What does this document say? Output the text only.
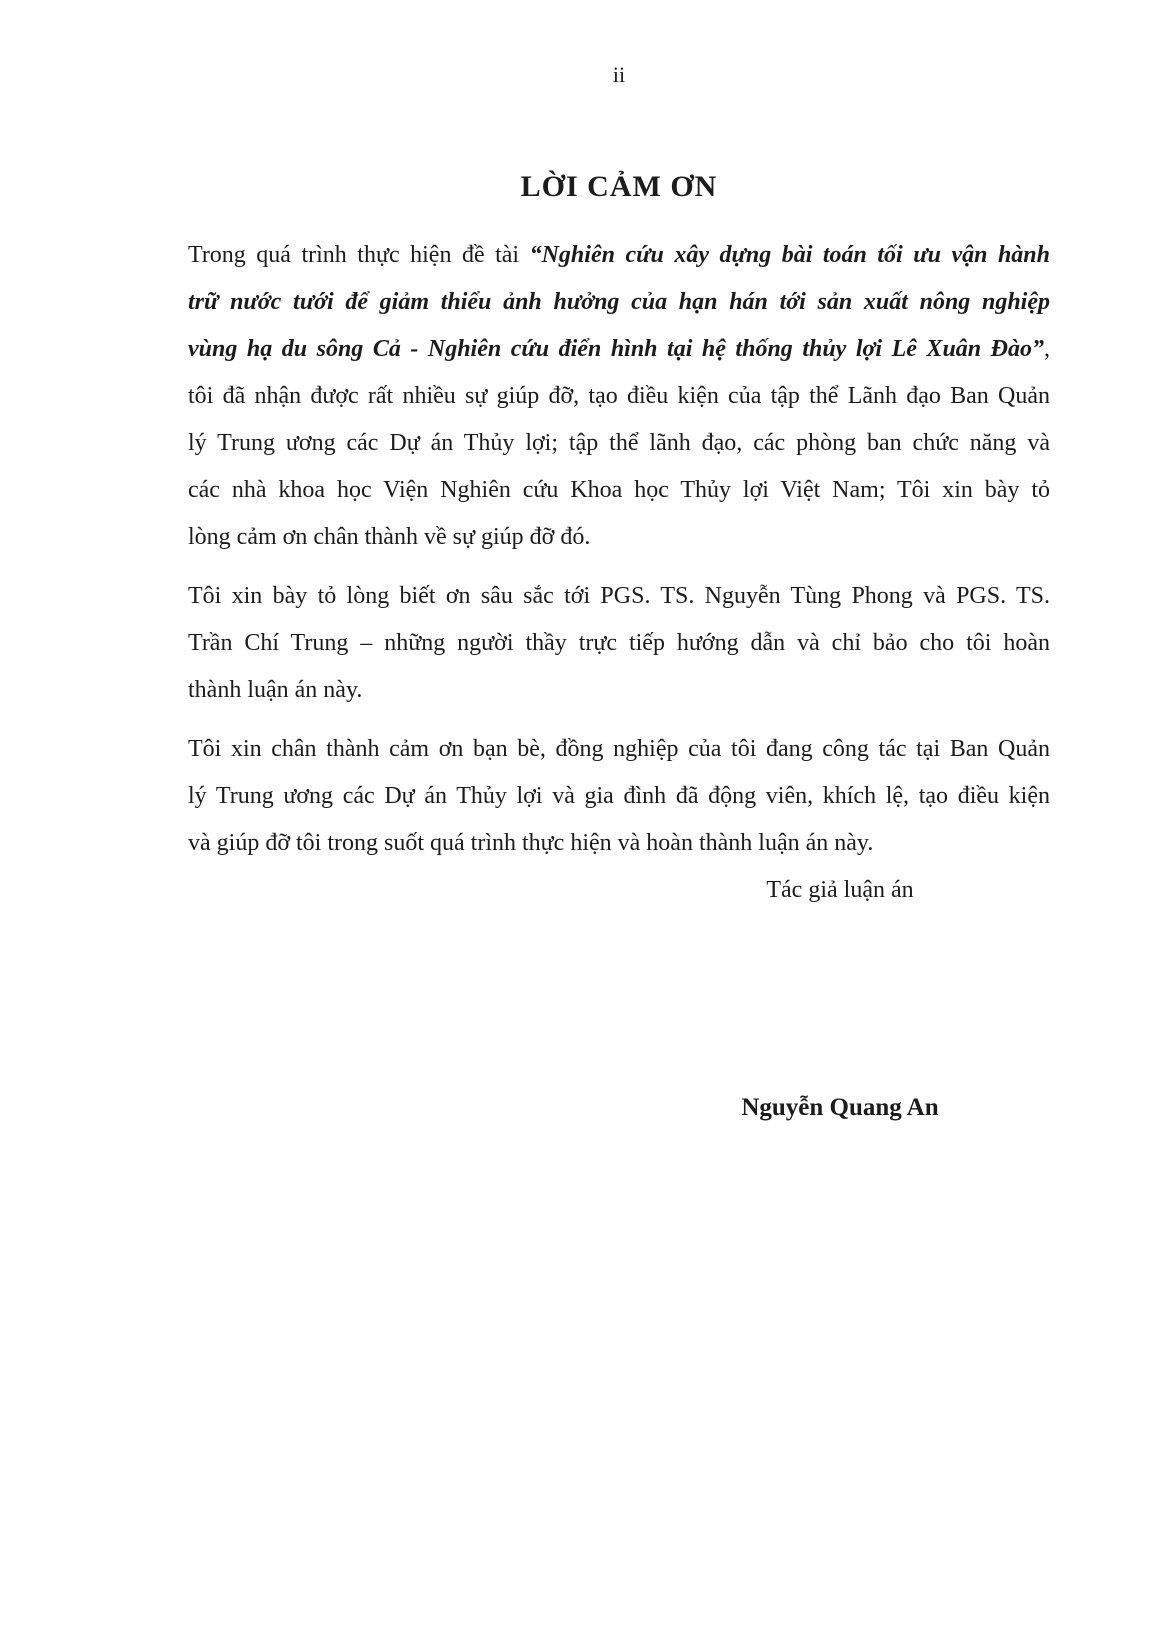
ii
LỜI CẢM ƠN
Trong quá trình thực hiện đề tài “Nghiên cứu xây dựng bài toán tối ưu vận hành
trữ nước tưới để giảm thiểu ảnh hưởng của hạn hán tới sản xuất nông nghiệp
vùng hạ du sông Cả - Nghiên cứu điển hình tại hệ thống thủy lợi Lê Xuân Đào”,
tôi đã nhận được rất nhiều sự giúp đỡ, tạo điều kiện của tập thể Lãnh đạo Ban Quản
lý Trung ương các Dự án Thủy lợi; tập thể lãnh đạo, các phòng ban chức năng và
các nhà khoa học Viện Nghiên cứu Khoa học Thủy lợi Việt Nam; Tôi xin bày tỏ
lòng cảm ơn chân thành về sự giúp đỡ đó.
Tôi xin bày tỏ lòng biết ơn sâu sắc tới PGS. TS. Nguyễn Tùng Phong và PGS. TS.
Trần Chí Trung – những người thầy trực tiếp hướng dẫn và chỉ bảo cho tôi hoàn
thành luận án này.
Tôi xin chân thành cảm ơn bạn bè, đồng nghiệp của tôi đang công tác tại Ban Quản
lý Trung ương các Dự án Thủy lợi và gia đình đã động viên, khích lệ, tạo điều kiện
và giúp đỡ tôi trong suốt quá trình thực hiện và hoàn thành luận án này.
Tác giả luận án
Nguyễn Quang An
